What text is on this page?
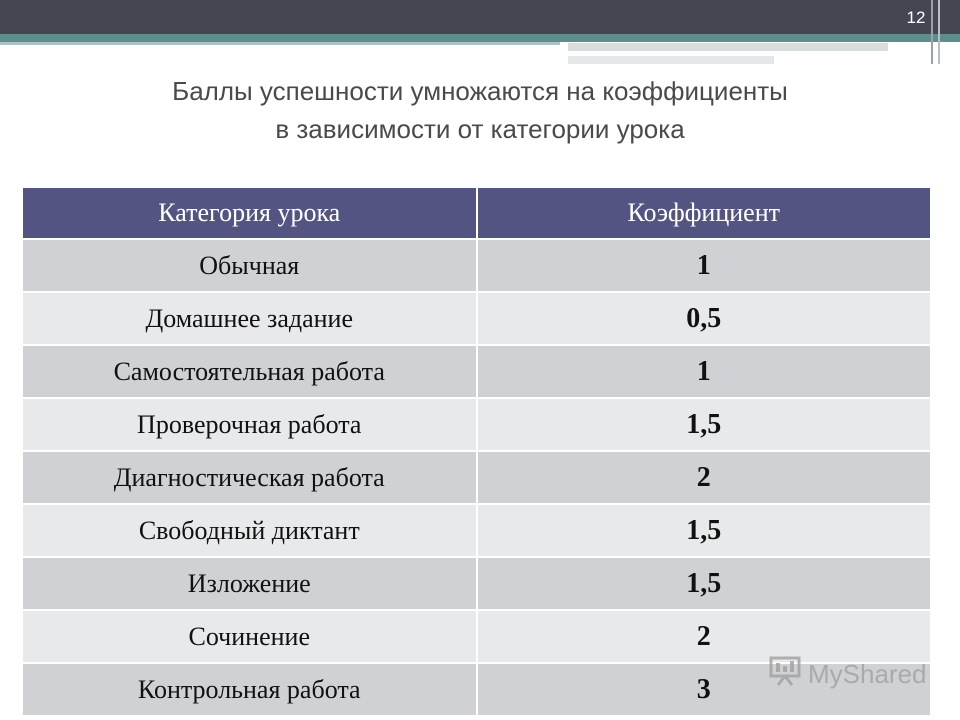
12
Баллы успешности умножаются на коэффициенты
в зависимости от категории урока
Категория урока	Коэффициент
Обычная	1
Домашнее задание	0,5
Самостоятельная работа	1
Проверочная работа	1,5
Диагностическая работа	2
Свободный диктант	1,5
Изложение	1,5
Сочинение	2
Контрольная работа	3	MyShared
